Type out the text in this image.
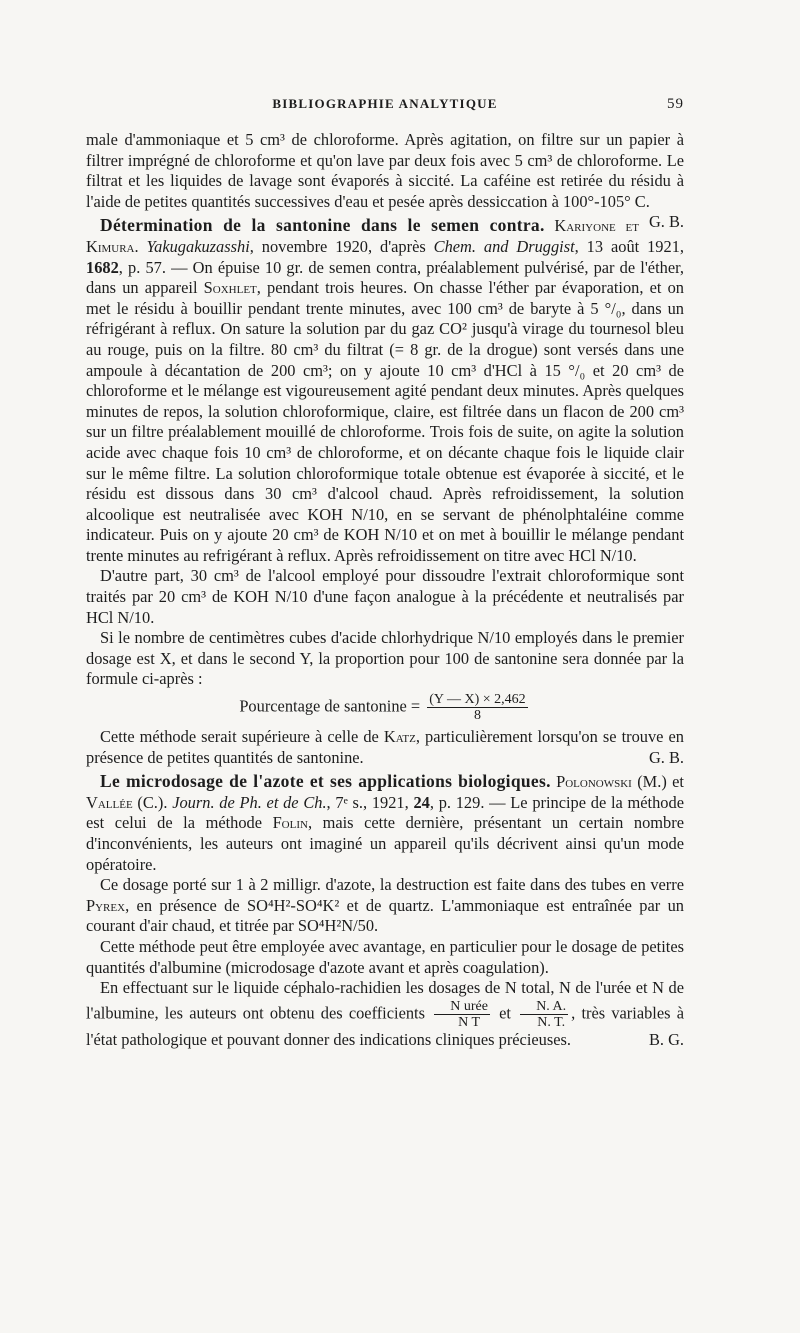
BIBLIOGRAPHIE ANALYTIQUE	59

male d'ammoniaque et 5 cm³ de chloroforme. Après agitation, on filtre sur un papier à filtrer imprégné de chloroforme et qu'on lave par deux fois avec 5 cm³ de chloroforme. Le filtrat et les liquides de lavage sont évaporés à siccité. La caféine est retirée du résidu à l'aide de petites quantités successives d'eau et pesée après dessiccation à 100°-105° C.
G. B.

Détermination de la santonine dans le semen contra. Kariyone et Kimura. Yakugakuzasshi, novembre 1920, d'après Chem. and Druggist, 13 août 1921, 1682, p. 57. — On épuise 10 gr. de semen contra, préalablement pulvérisé, par de l'éther, dans un appareil Soxhlet, pendant trois heures. On chasse l'éther par évaporation, et on met le résidu à bouillir pendant trente minutes, avec 100 cm³ de baryte à 5 °/₀, dans un réfrigérant à reflux. On sature la solution par du gaz CO² jusqu'à virage du tournesol bleu au rouge, puis on la filtre. 80 cm³ du filtrat (= 8 gr. de la drogue) sont versés dans une ampoule à décantation de 200 cm³; on y ajoute 10 cm³ d'HCl à 15 °/₀ et 20 cm³ de chloroforme et le mélange est vigoureusement agité pendant deux minutes. Après quelques minutes de repos, la solution chloroformique, claire, est filtrée dans un flacon de 200 cm³ sur un filtre préalablement mouillé de chloroforme. Trois fois de suite, on agite la solution acide avec chaque fois 10 cm³ de chloroforme, et on décante chaque fois le liquide clair sur le même filtre. La solution chloroformique totale obtenue est évaporée à siccité, et le résidu est dissous dans 30 cm³ d'alcool chaud. Après refroidissement, la solution alcoolique est neutralisée avec KOH N/10, en se servant de phénolphtaléine comme indicateur. Puis on y ajoute 20 cm³ de KOH N/10 et on met à bouillir le mélange pendant trente minutes au refrigérant à reflux. Après refroidissement on titre avec HCl N/10.

D'autre part, 30 cm³ de l'alcool employé pour dissoudre l'extrait chloroformique sont traités par 20 cm³ de KOH N/10 d'une façon analogue à la précédente et neutralisés par HCl N/10.

Si le nombre de centimètres cubes d'acide chlorhydrique N/10 employés dans le premier dosage est X, et dans le second Y, la proportion pour 100 de santonine sera donnée par la formule ci-après :

Pourcentage de santonine = $\frac{(Y — X) \times 2,462}{8}$

Cette méthode serait supérieure à celle de Katz, particulièrement lorsqu'on se trouve en présence de petites quantités de santonine.	G. B.

Le microdosage de l'azote et ses applications biologiques. Polonowski (M.) et Vallée (C.). Journ. de Ph. et de Ch., 7ᵉ s., 1921, 24, p. 129. — Le principe de la méthode est celui de la méthode Folin, mais cette dernière, présentant un certain nombre d'inconvénients, les auteurs ont imaginé un appareil qu'ils décrivent ainsi qu'un mode opératoire.

Ce dosage porté sur 1 à 2 milligr. d'azote, la destruction est faite dans des tubes en verre Pyrex, en présence de SO⁴H²-SO⁴K² et de quartz. L'ammoniaque est entraînée par un courant d'air chaud, et titrée par SO⁴H²N/50.

Cette méthode peut être employée avec avantage, en particulier pour le dosage de petites quantités d'albumine (microdosage d'azote avant et après coagulation).

En effectuant sur le liquide céphalo-rachidien les dosages de N total, N de l'urée et N de l'albumine, les auteurs ont obtenu des coefficients $\frac{\text{N urée}}{\text{N T}}$ et $\frac{N. A.}{N. T.}$ , très variables à l'état pathologique et pouvant donner des indications cliniques précieuses.	B. G.
